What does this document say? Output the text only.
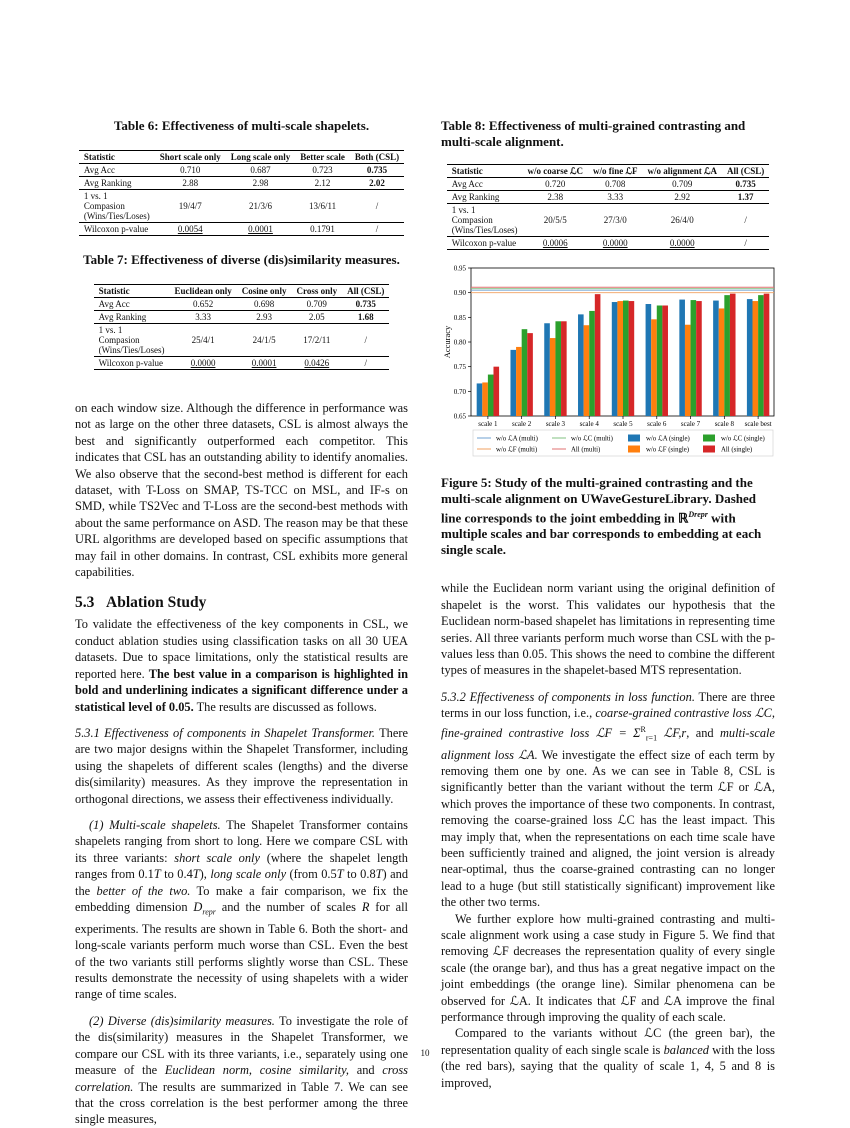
Table 6: Effectiveness of multi-scale shapelets.

Statistic	Short scale only	Long scale only	Better scale	Both (CSL)
Avg Acc	0.710	0.687	0.723	0.735
Avg Ranking	2.88	2.98	2.12	2.02
1 vs. 1 Compasion (Wins/Ties/Loses)	19/4/7	21/3/6	13/6/11	/
Wilcoxon p-value	0.0054	0.0001	0.1791	/

Table 7: Effectiveness of diverse (dis)similarity measures.

Statistic	Euclidean only	Cosine only	Cross only	All (CSL)
Avg Acc	0.652	0.698	0.709	0.735
Avg Ranking	3.33	2.93	2.05	1.68
1 vs. 1 Compasion (Wins/Ties/Loses)	25/4/1	24/1/5	17/2/11	/
Wilcoxon p-value	0.0000	0.0001	0.0426	/

on each window size. Although the difference in performance was not as large on the other three datasets, CSL is almost always the best and significantly outperformed each competitor. This indicates that CSL has an outstanding ability to identify anomalies. We also observe that the second-best method is different for each dataset, with T-Loss on SMAP, TS-TCC on MSL, and IF-s on SMD, while TS2Vec and T-Loss are the second-best methods with about the same performance on ASD. The reason may be that these URL algorithms are developed based on specific assumptions that may fail in other domains. In contrast, CSL exhibits more general capabilities.

5.3 Ablation Study

To validate the effectiveness of the key components in CSL, we conduct ablation studies using classification tasks on all 30 UEA datasets. Due to space limitations, only the statistical results are reported here. The best value in a comparison is highlighted in bold and underlining indicates a significant difference under a statistical level of 0.05. The results are discussed as follows.

5.3.1 Effectiveness of components in Shapelet Transformer. There are two major designs within the Shapelet Transformer, including using the shapelets of different scales (lengths) and the diverse dis(similarity) measures. As they improve the representation in orthogonal directions, we assess their effectiveness individually.

(1) Multi-scale shapelets. The Shapelet Transformer contains shapelets ranging from short to long. Here we compare CSL with its three variants: short scale only (where the shapelet length ranges from 0.1T to 0.4T), long scale only (from 0.5T to 0.8T) and the better of the two. To make a fair comparison, we fix the embedding dimension $D_{repr}$ and the number of scales R for all experiments. The results are shown in Table 6. Both the short- and long-scale variants perform much worse than CSL. Even the best of the two variants still performs slightly worse than CSL. These results demonstrate the necessity of using shapelets with a wider range of time scales.

(2) Diverse (dis)similarity measures. To investigate the role of the dis(similarity) measures in the Shapelet Transformer, we compare our CSL with its three variants, i.e., separately using one measure of the Euclidean norm, cosine similarity, and cross correlation. The results are summarized in Table 7. We can see that the cross correlation is the best performer among the three single measures,

Table 8: Effectiveness of multi-grained contrasting and multi-scale alignment.

Statistic	w/o coarse ℒC	w/o fine ℒF	w/o alignment ℒA	All (CSL)
Avg Acc	0.720	0.708	0.709	0.735
Avg Ranking	2.38	3.33	2.92	1.37
1 vs. 1 Compasion (Wins/Ties/Loses)	20/5/5	27/3/0	26/4/0	/
Wilcoxon p-value	0.0006	0.0000	0.0000	/
0.65
0.70
0.75
0.80
0.85
0.90
0.95
Accuracy
scale 1 scale 2 scale 3 scale 4 scale 5 scale 6 scale 7 scale 8 scale best
w/o ℒA (multi)	w/o ℒC (multi)	w/o ℒA (single)	w/o ℒC (single)
w/o ℒF (multi)	All (multi)	w/o ℒF (single)	All (single)

Figure 5: Study of the multi-grained contrasting and the multi-scale alignment on UWaveGestureLibrary. Dashed line corresponds to the joint embedding in ℝ$^{Drepr}$ with multiple scales and bar corresponds to embedding at each single scale.

while the Euclidean norm variant using the original definition of shapelet is the worst. This validates our hypothesis that the Euclidean norm-based shapelet has limitations in representing time series. All three variants perform much worse than CSL with the p-values less than 0.05. This shows the need to combine the different types of measures in the shapelet-based MTS representation.

5.3.2 Effectiveness of components in loss function. There are three terms in our loss function, i.e., coarse-grained contrastive loss ℒC, fine-grained contrastive loss ℒF = $\Sigma^R_{r=1}$ ℒF,r, and multi-scale alignment loss ℒA. We investigate the effect size of each term by removing them one by one. As we can see in Table 8, CSL is significantly better than the variant without the term ℒF or ℒA, which proves the importance of these two components. In contrast, removing the coarse-grained loss ℒC has the least impact. This may imply that, when the representations on each time scale have been sufficiently trained and aligned, the joint version is already near-optimal, thus the coarse-grained contrasting can no longer lead to a huge (but still statistically significant) improvement like the other two terms.

We further explore how multi-grained contrasting and multi-scale alignment work using a case study in Figure 5. We find that removing ℒF decreases the representation quality of every single scale (the orange bar), and thus has a great negative impact on the joint embeddings (the orange line). Similar phenomena can be observed for ℒA. It indicates that ℒF and ℒA improve the final performance through improving the quality of each scale.

Compared to the variants without ℒC (the green bar), the representation quality of each single scale is balanced with the loss (the red bars), saying that the quality of scale 1, 4, 5 and 8 is improved,

10
